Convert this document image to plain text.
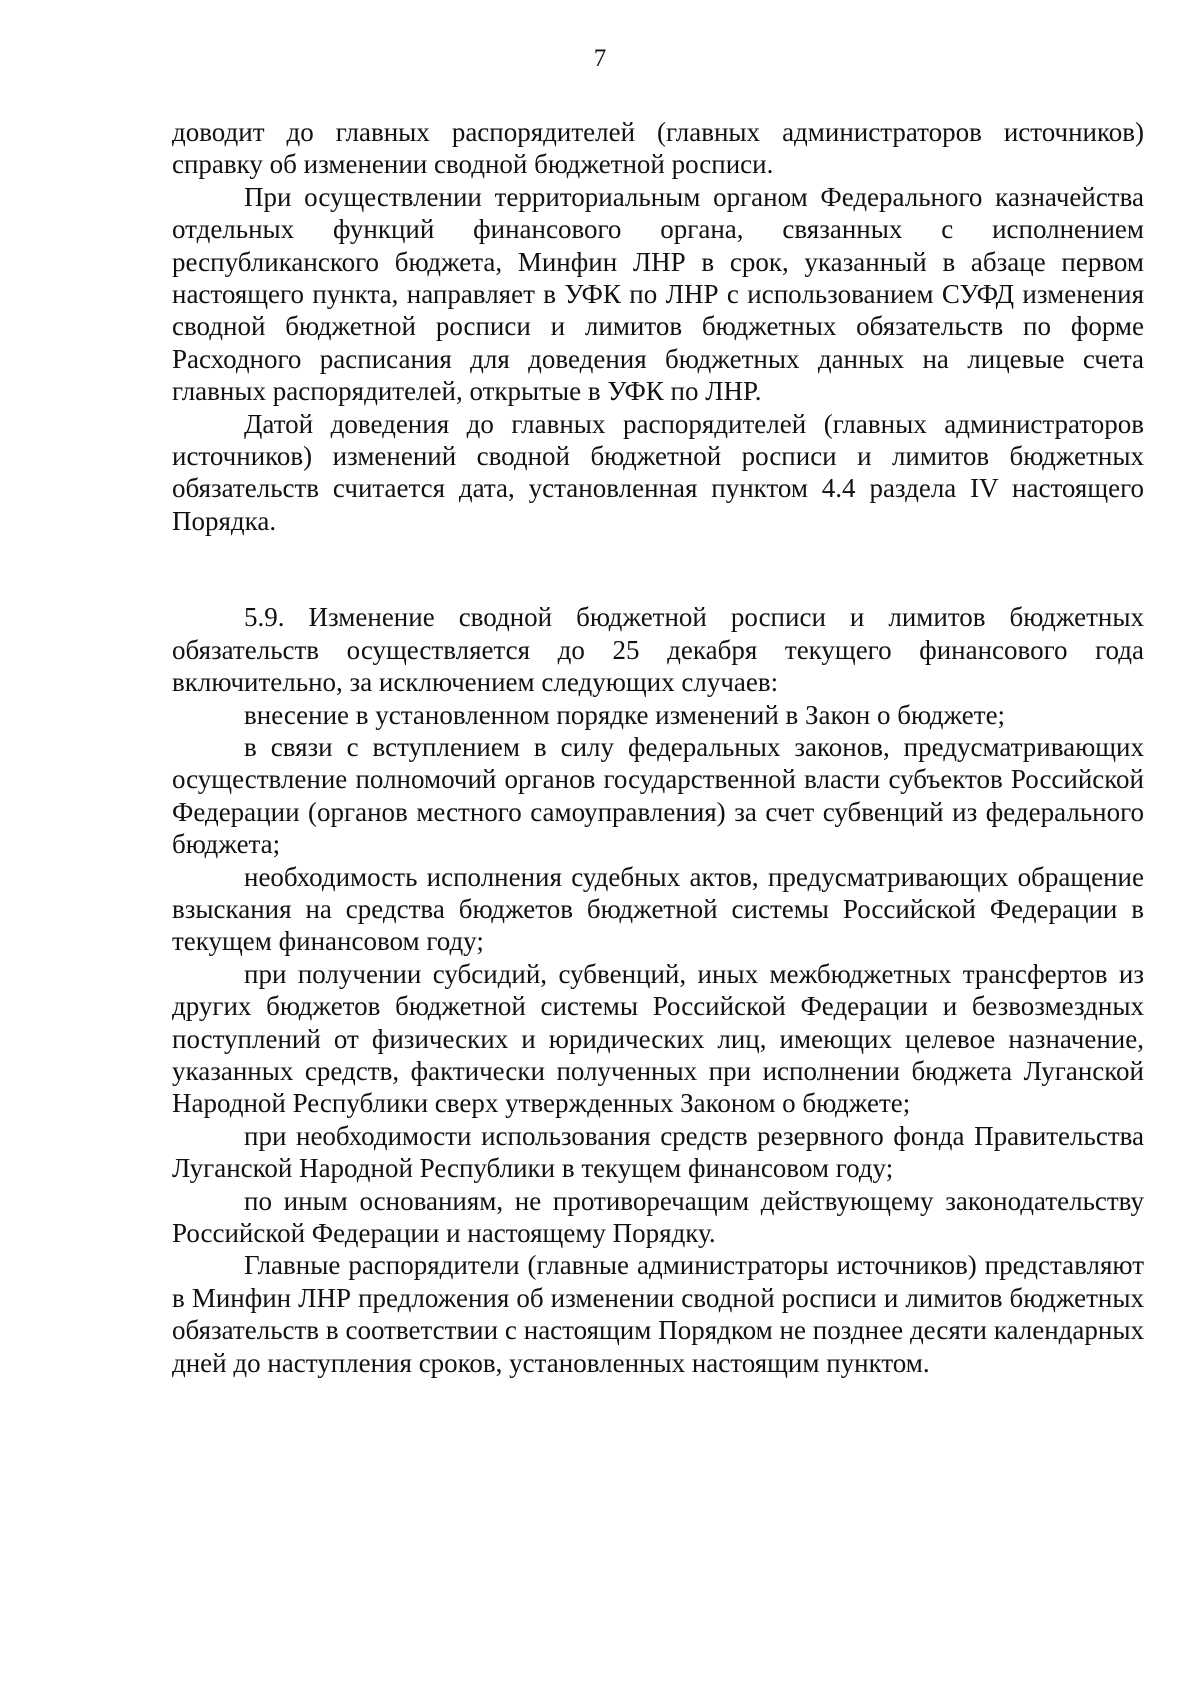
7

доводит до главных распорядителей (главных администраторов источников) справку об изменении сводной бюджетной росписи.

При осуществлении территориальным органом Федерального казначейства отдельных функций финансового органа, связанных с исполнением республиканского бюджета, Минфин ЛНР в срок, указанный в абзаце первом настоящего пункта, направляет в УФК по ЛНР с использованием СУФД изменения сводной бюджетной росписи и лимитов бюджетных обязательств по форме Расходного расписания для доведения бюджетных данных на лицевые счета главных распорядителей, открытые в УФК по ЛНР.

Датой доведения до главных распорядителей (главных администраторов источников) изменений сводной бюджетной росписи и лимитов бюджетных обязательств считается дата, установленная пунктом 4.4 раздела IV настоящего Порядка.

5.9. Изменение сводной бюджетной росписи и лимитов бюджетных обязательств осуществляется до 25 декабря текущего финансового года включительно, за исключением следующих случаев:

внесение в установленном порядке изменений в Закон о бюджете;

в связи с вступлением в силу федеральных законов, предусматривающих осуществление полномочий органов государственной власти субъектов Российской Федерации (органов местного самоуправления) за счет субвенций из федерального бюджета;

необходимость исполнения судебных актов, предусматривающих обращение взыскания на средства бюджетов бюджетной системы Российской Федерации в текущем финансовом году;

при получении субсидий, субвенций, иных межбюджетных трансфертов из других бюджетов бюджетной системы Российской Федерации и безвозмездных поступлений от физических и юридических лиц, имеющих целевое назначение, указанных средств, фактически полученных при исполнении бюджета Луганской Народной Республики сверх утвержденных Законом о бюджете;

при необходимости использования средств резервного фонда Правительства Луганской Народной Республики в текущем финансовом году;

по иным основаниям, не противоречащим действующему законодательству Российской Федерации и настоящему Порядку.

Главные распорядители (главные администраторы источников) представляют в Минфин ЛНР предложения об изменении сводной росписи и лимитов бюджетных обязательств в соответствии с настоящим Порядком не позднее десяти календарных дней до наступления сроков, установленных настоящим пунктом.
